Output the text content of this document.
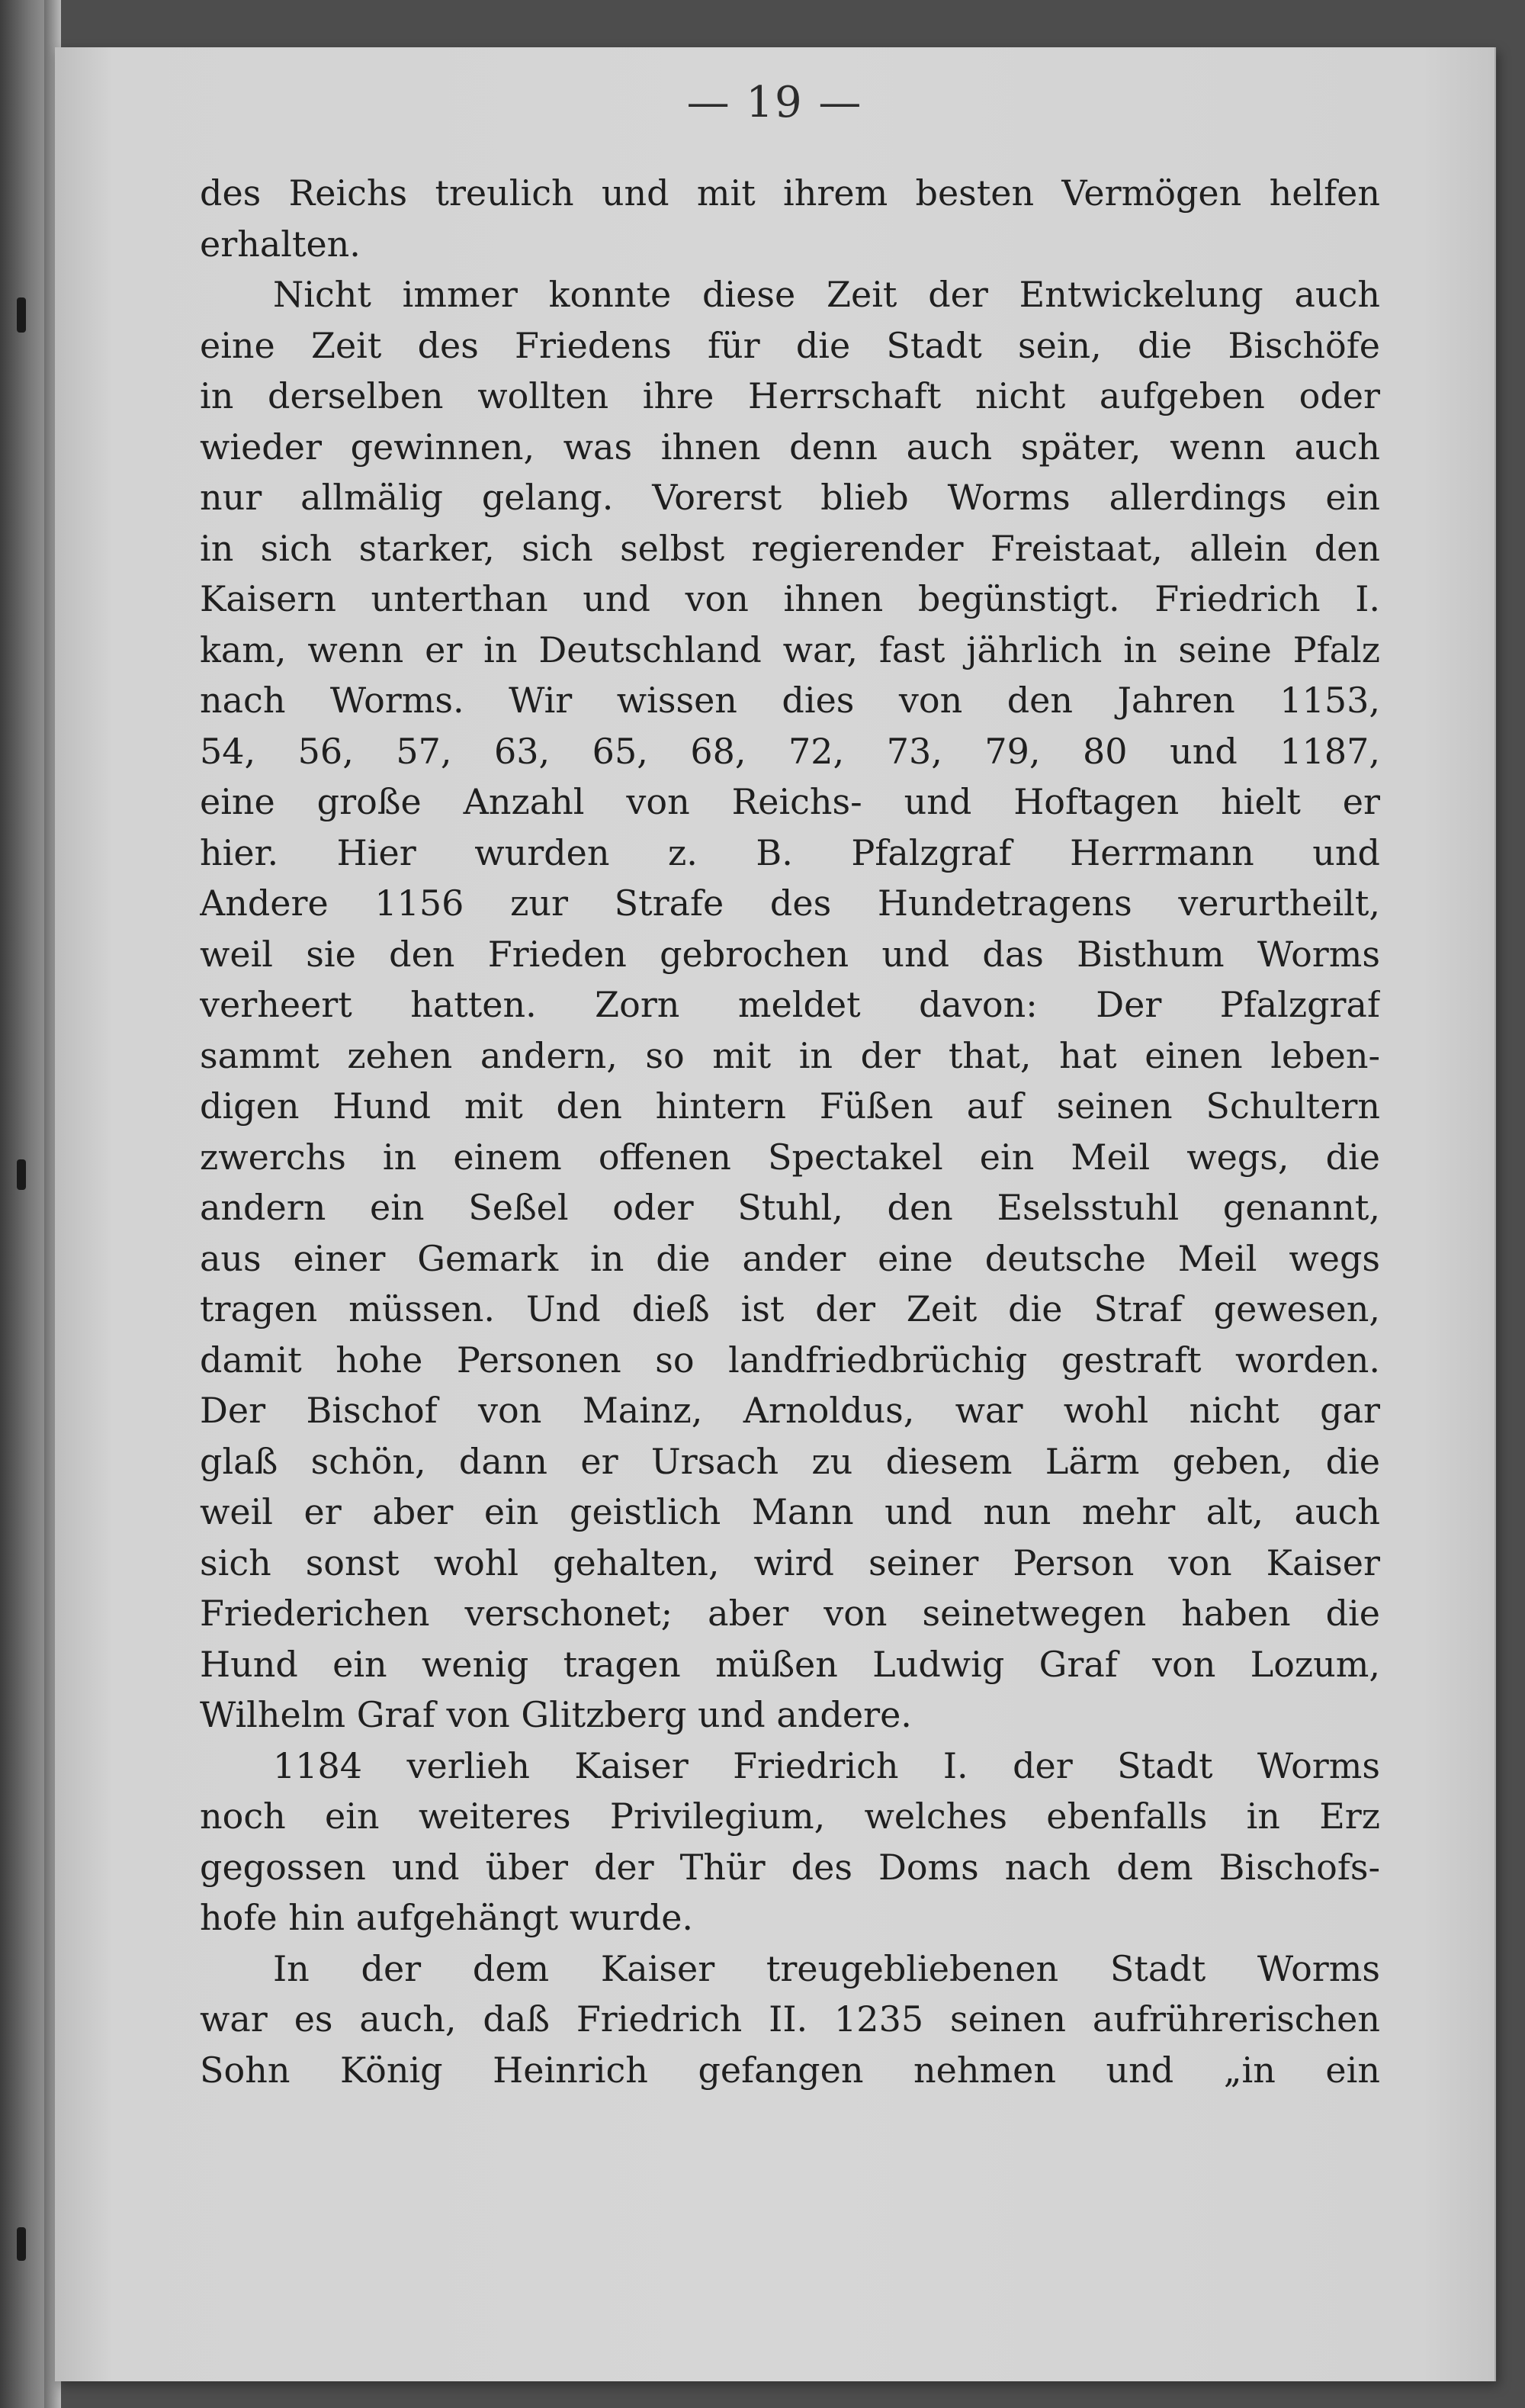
— 19 —
des Reichs treulich und mit ihrem besten Vermögen helfen
erhalten.
Nicht immer konnte diese Zeit der Entwickelung auch
eine Zeit des Friedens für die Stadt sein, die Bischöfe
in derselben wollten ihre Herrschaft nicht aufgeben oder
wieder gewinnen, was ihnen denn auch später, wenn auch
nur allmälig gelang. Vorerst blieb Worms allerdings ein
in sich starker, sich selbst regierender Freistaat, allein den
Kaisern unterthan und von ihnen begünstigt. Friedrich I.
kam, wenn er in Deutschland war, fast jährlich in seine Pfalz
nach Worms. Wir wissen dies von den Jahren 1153,
54, 56, 57, 63, 65, 68, 72, 73, 79, 80 und 1187,
eine große Anzahl von Reichs- und Hoftagen hielt er
hier. Hier wurden z. B. Pfalzgraf Herrmann und
Andere 1156 zur Strafe des Hundetragens verurtheilt,
weil sie den Frieden gebrochen und das Bisthum Worms
verheert hatten. Zorn meldet davon: Der Pfalzgraf
sammt zehen andern, so mit in der that, hat einen leben-
digen Hund mit den hintern Füßen auf seinen Schultern
zwerchs in einem offenen Spectakel ein Meil wegs, die
andern ein Seßel oder Stuhl, den Eselsstuhl genannt,
aus einer Gemark in die ander eine deutsche Meil wegs
tragen müssen. Und dieß ist der Zeit die Straf gewesen,
damit hohe Personen so landfriedbrüchig gestraft worden.
Der Bischof von Mainz, Arnoldus, war wohl nicht gar
glaß schön, dann er Ursach zu diesem Lärm geben, die
weil er aber ein geistlich Mann und nun mehr alt, auch
sich sonst wohl gehalten, wird seiner Person von Kaiser
Friederichen verschonet; aber von seinetwegen haben die
Hund ein wenig tragen müßen Ludwig Graf von Lozum,
Wilhelm Graf von Glitzberg und andere.
1184 verlieh Kaiser Friedrich I. der Stadt Worms
noch ein weiteres Privilegium, welches ebenfalls in Erz
gegossen und über der Thür des Doms nach dem Bischofs-
hofe hin aufgehängt wurde.
In der dem Kaiser treugebliebenen Stadt Worms
war es auch, daß Friedrich II. 1235 seinen aufrührerischen
Sohn König Heinrich gefangen nehmen und „in ein
